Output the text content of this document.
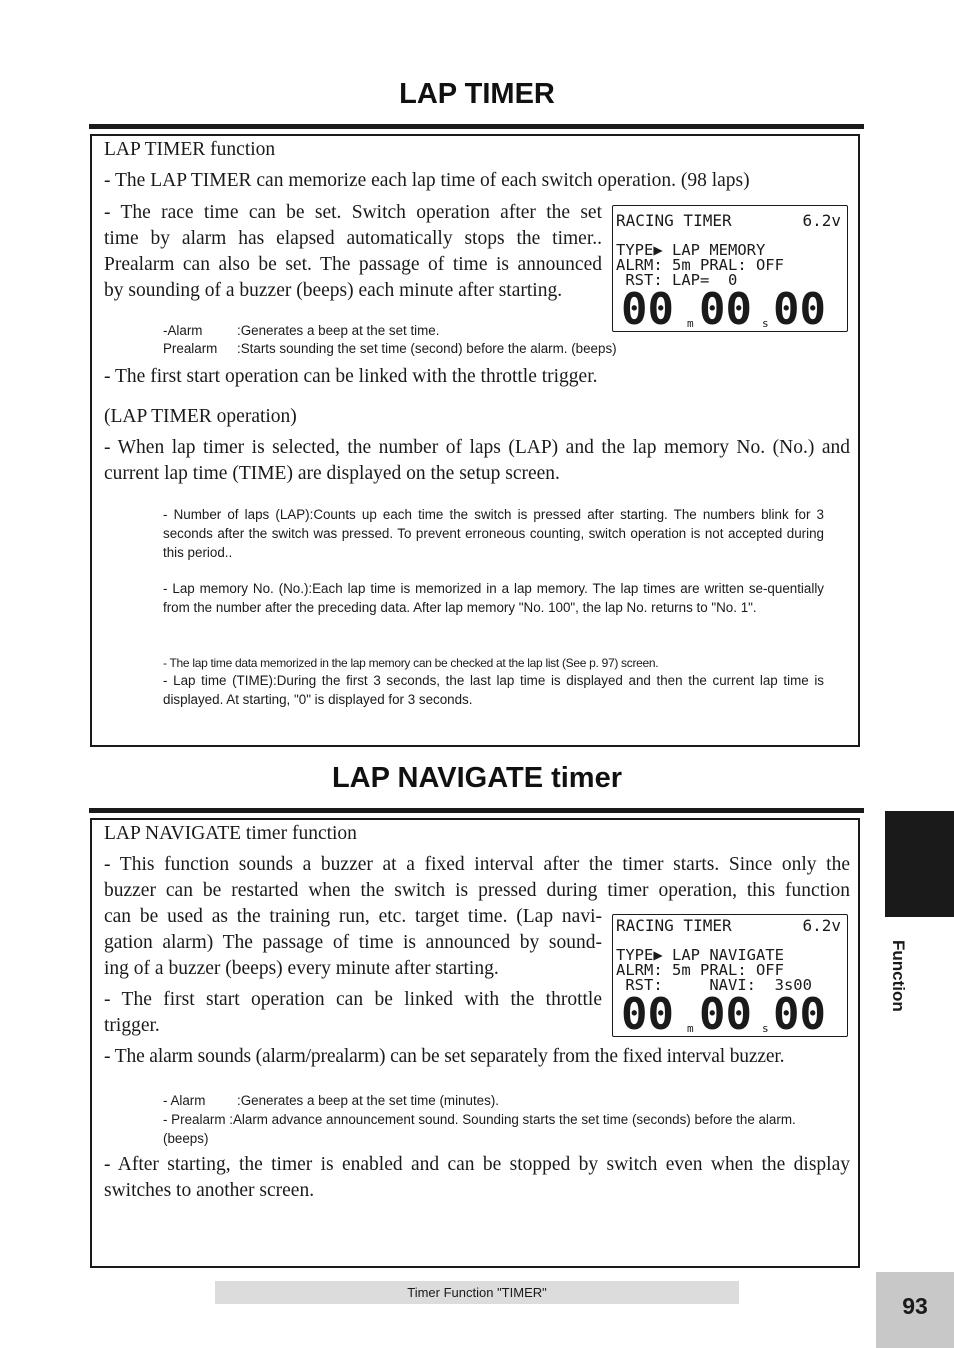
LAP TIMER

LAP TIMER function

- The LAP TIMER can memorize each lap time of each switch operation. (98 laps)

- The race time can be set. Switch operation after the set

time by alarm has elapsed automatically stops the timer..

Prealarm can also be set. The passage of time is announced

by sounding of a buzzer (beeps) each minute after starting.

RACING TIMER	6.2v
TYPE▶ LAP MEMORY
ALRM: 5m PRAL: OFF
RST: LAP=  0
00 m 00 s 00

-Alarm	:Generates a beep at the set time.

Prealarm :Starts sounding the set time (second) before the alarm. (beeps)

- The first start operation can be linked with the throttle trigger.

(LAP TIMER operation)

- When lap timer is selected, the number of laps (LAP) and the lap memory No. (No.) and current lap time (TIME) are displayed on the setup screen.

- Number of laps (LAP):Counts up each time the switch is pressed after starting. The numbers blink for 3 seconds after the switch was pressed. To prevent erroneous counting, switch operation is not accepted during this period..

- Lap memory No. (No.):Each lap time is memorized in a lap memory. The lap times are written se-quentially from the number after the preceding data. After lap memory "No. 100", the lap No. returns to "No. 1".

- The lap time data memorized in the lap memory can be checked at the lap list (See p. 97) screen.

- Lap time (TIME):During the first 3 seconds, the last lap time is displayed and then the current lap time is displayed. At starting, "0" is displayed for 3 seconds.

LAP NAVIGATE timer

LAP NAVIGATE timer function

- This function sounds a buzzer at a fixed interval after the timer starts. Since only the

buzzer can be restarted when the switch is pressed during timer operation, this function

can be used as the training run, etc. target time. (Lap navi-

gation alarm) The passage of time is announced by sound-

ing of a buzzer (beeps) every minute after starting.

- The first start operation can be linked with the throttle

trigger.

RACING TIMER	6.2v
TYPE▶ LAP NAVIGATE
ALRM: 5m PRAL: OFF
RST:     NAVI:  3s00
00 m 00 s 00

- The alarm sounds (alarm/prealarm) can be set separately from the fixed interval buzzer.

- Alarm :Generates a beep at the set time (minutes).

- Prealarm :Alarm advance announcement sound. Sounding starts the set time (seconds) before the alarm. (beeps)

- After starting, the timer is enabled and can be stopped by switch even when the display switches to another screen.

Function
Timer Function "TIMER"	93
